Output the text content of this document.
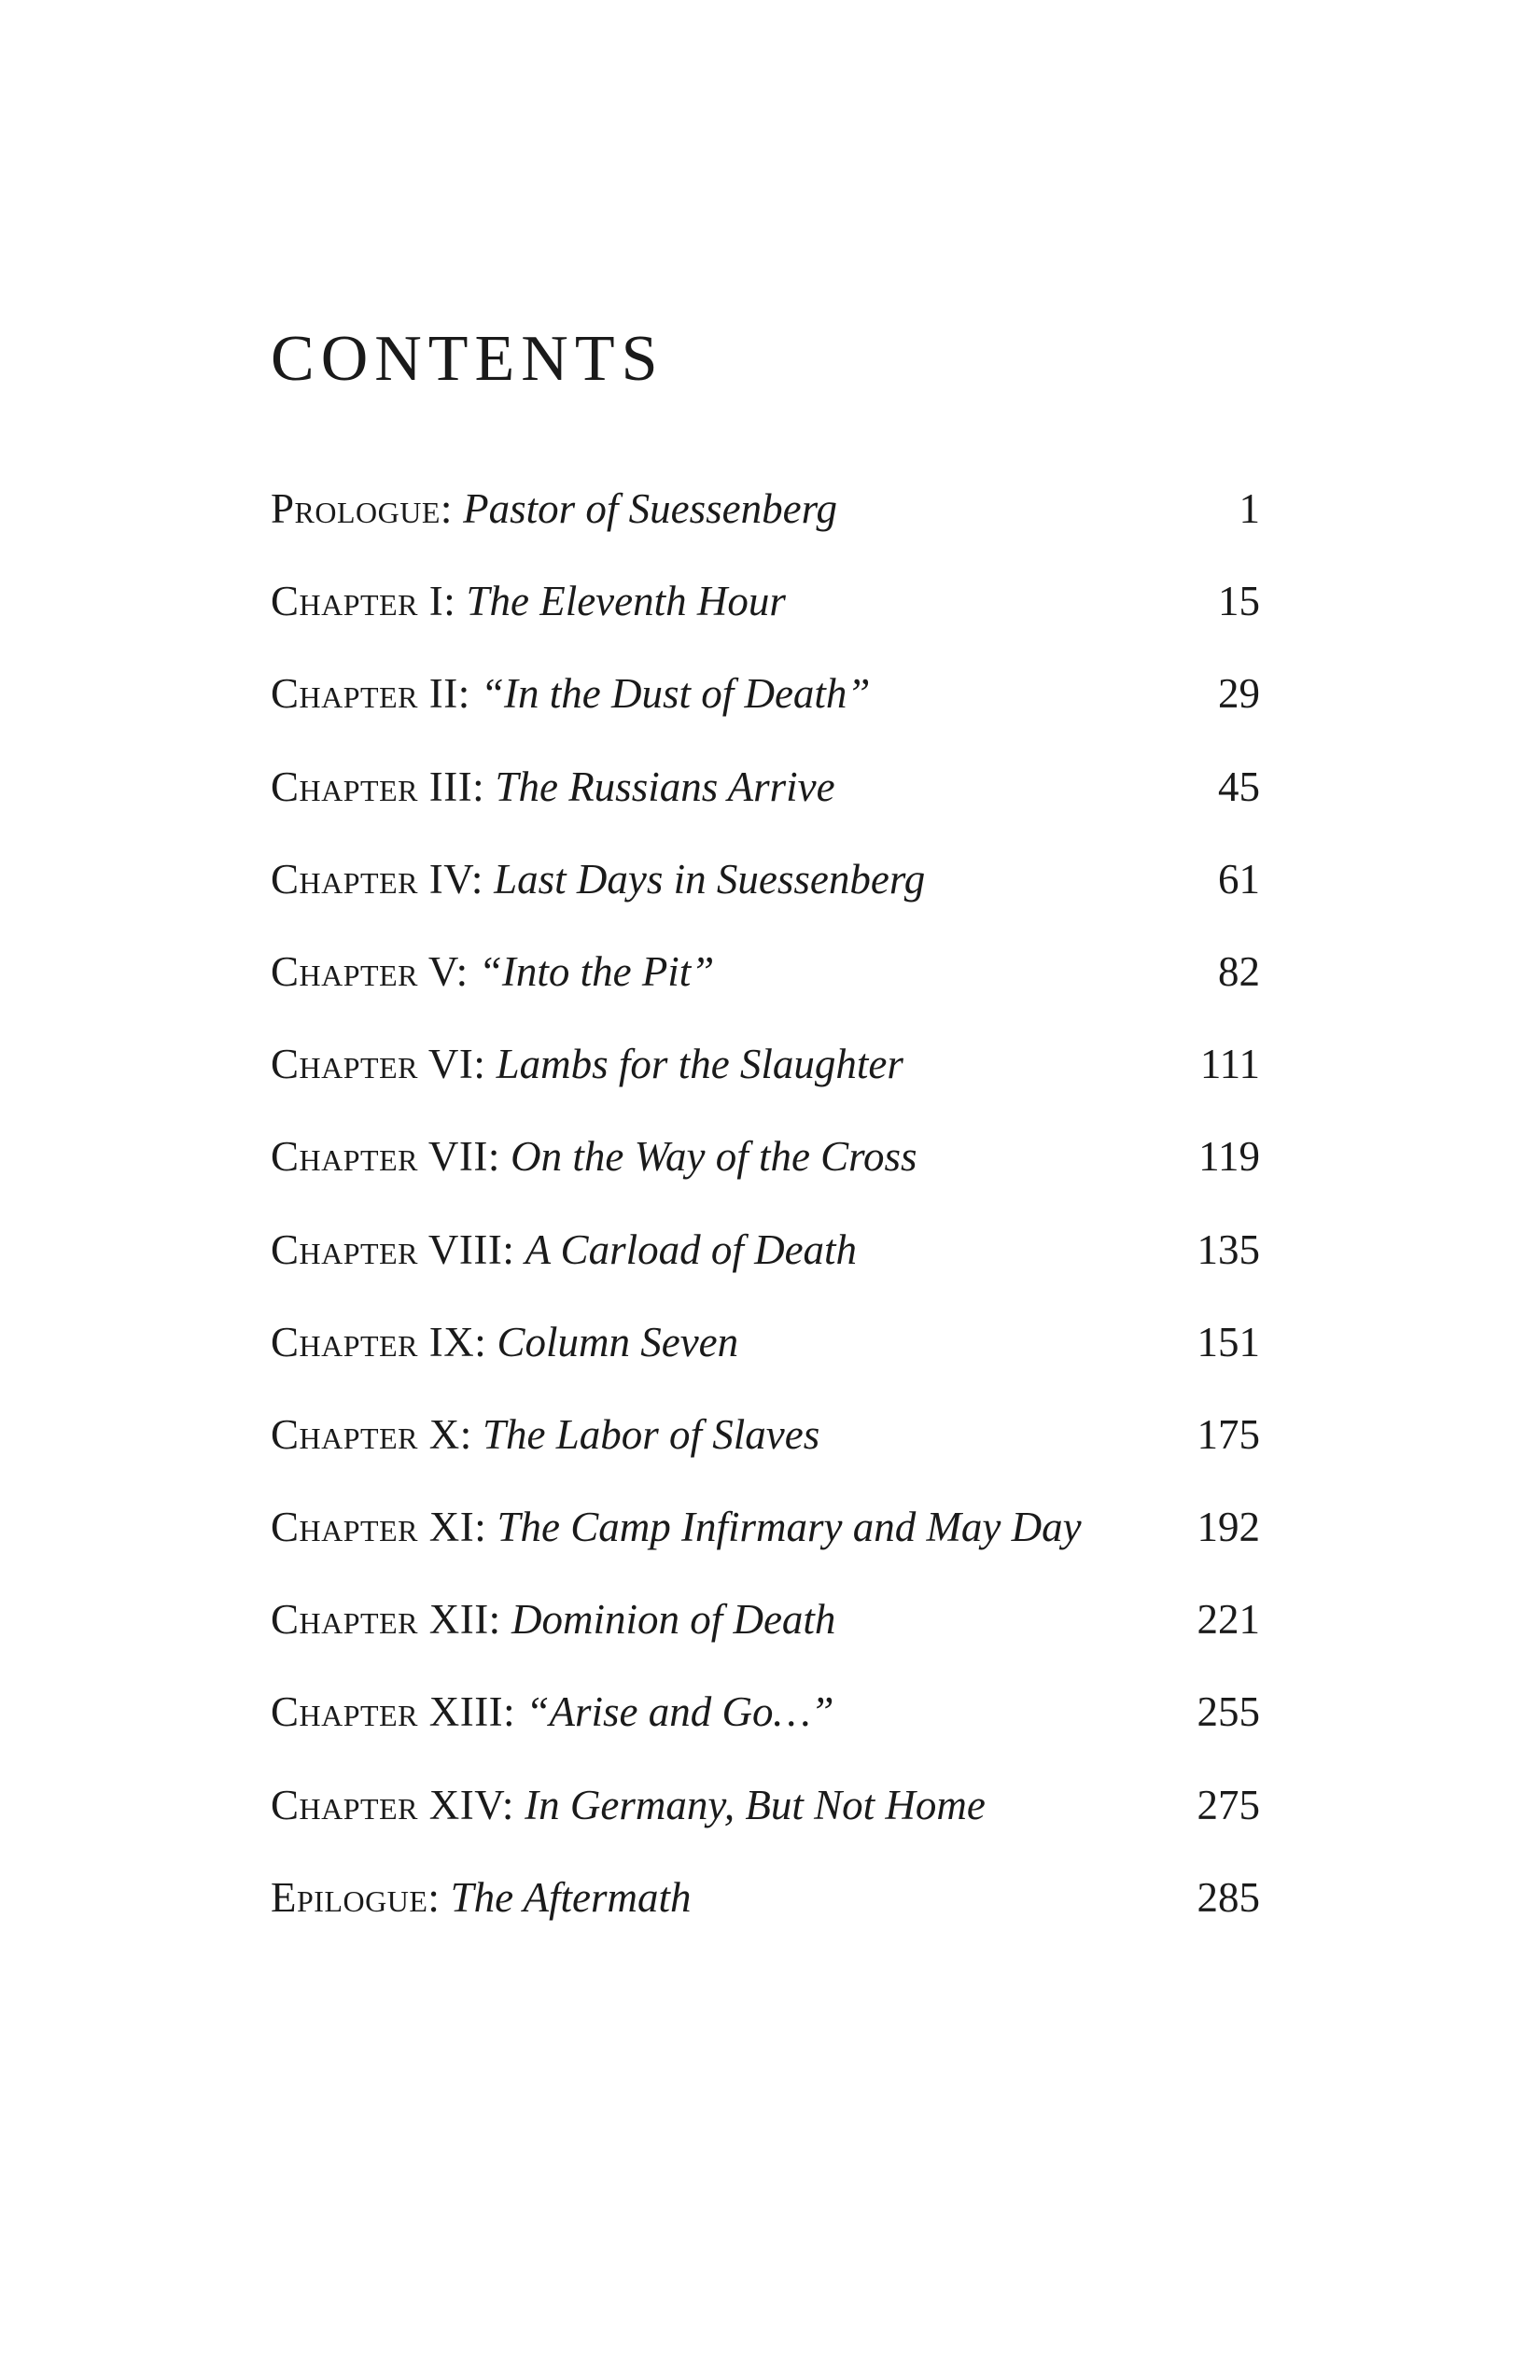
CONTENTS
Prologue: Pastor of Suessenberg	1
Chapter I: The Eleventh Hour	15
Chapter II: “In the Dust of Death”	29
Chapter III: The Russians Arrive	45
Chapter IV: Last Days in Suessenberg	61
Chapter V: “Into the Pit”	82
Chapter VI: Lambs for the Slaughter	111
Chapter VII: On the Way of the Cross	119
Chapter VIII: A Carload of Death	135
Chapter IX: Column Seven	151
Chapter X: The Labor of Slaves	175
Chapter XI: The Camp Infirmary and May Day	192
Chapter XII: Dominion of Death	221
Chapter XIII: “Arise and Go…”	255
Chapter XIV: In Germany, But Not Home	275
Epilogue: The Aftermath	285
